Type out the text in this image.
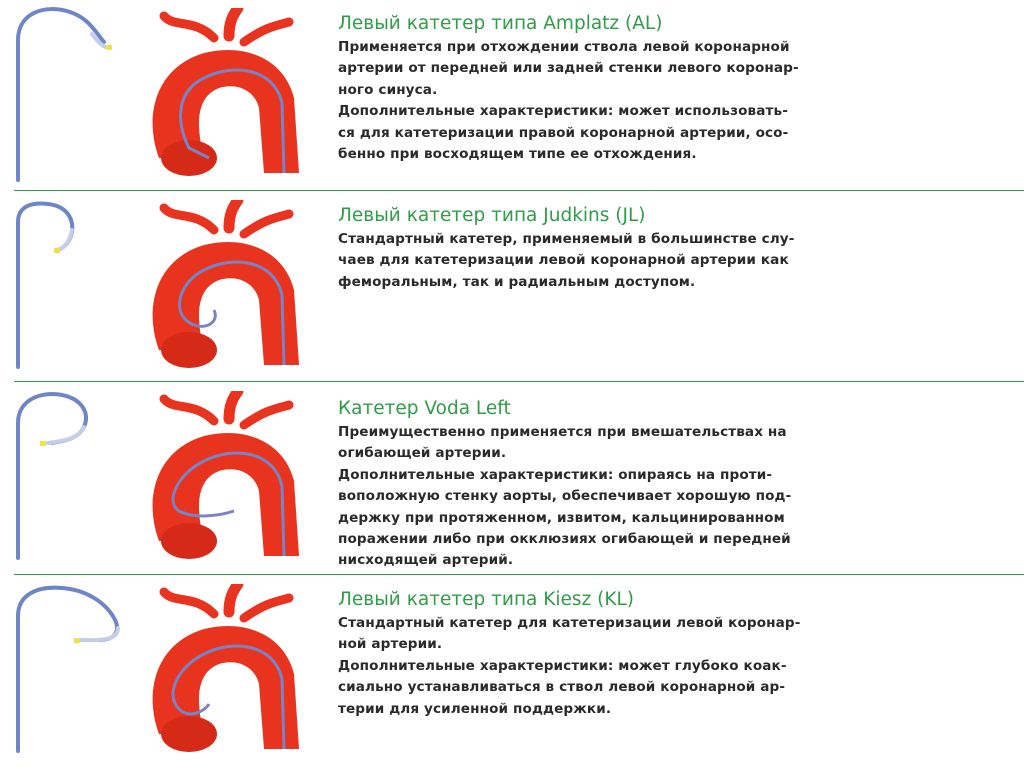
Левый катетер типа Amplatz (AL)
Применяется при отхождении ствола левой коронарной
артерии от передней или задней стенки левого коронар-
ного синуса.
Дополнительные характеристики: может использовать-
ся для катетеризации правой коронарной артерии, осо-
бенно при восходящем типе ее отхождения.
Левый катетер типа Judkins (JL)
Стандартный катетер, применяемый в большинстве слу-
чаев для катетеризации левой коронарной артерии как
феморальным, так и радиальным доступом.
Катетер Voda Left
Преимущественно применяется при вмешательствах на
огибающей артерии.
Дополнительные характеристики: опираясь на проти-
воположную стенку аорты, обеспечивает хорошую под-
держку при протяженном, извитом, кальцинированном
поражении либо при окклюзиях огибающей и передней
нисходящей артерий.
Левый катетер типа Kiesz (KL)
Стандартный катетер для катетеризации левой коронар-
ной артерии.
Дополнительные характеристики: может глубоко коак-
сиально устанавливаться в ствол левой коронарной ар-
терии для усиленной поддержки.
